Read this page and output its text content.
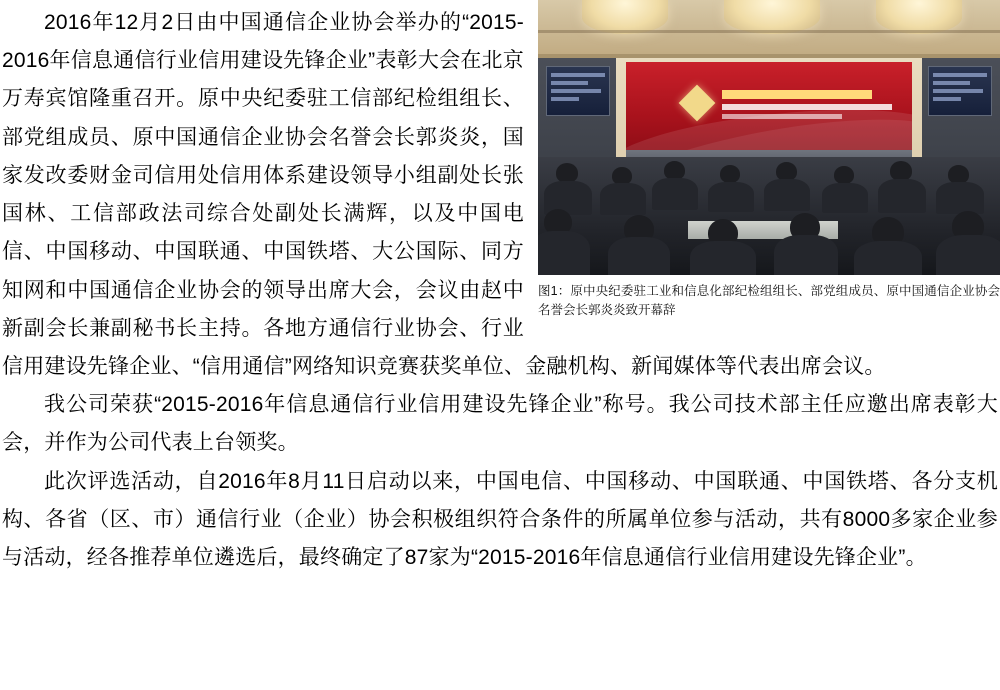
图1：原中央纪委驻工业和信息化部纪检组组长、部党组成员、原中国通信企业协会名誉会长郭炎炎致开幕辞

2016年12月2日由中国通信企业协会举办的“2015-2016年信息通信行业信用建设先锋企业”表彰大会在北京万寿宾馆隆重召开。原中央纪委驻工信部纪检组组长、部党组成员、原中国通信企业协会名誉会长郭炎炎，国家发改委财金司信用处信用体系建设领导小组副处长张国林、工信部政法司综合处副处长满辉，以及中国电信、中国移动、中国联通、中国铁塔、大公国际、同方知网和中国通信企业协会的领导出席大会，会议由赵中新副会长兼副秘书长主持。各地方通信行业协会、行业信用建设先锋企业、“信用通信”网络知识竞赛获奖单位、金融机构、新闻媒体等代表出席会议。

我公司荣获“2015-2016年信息通信行业信用建设先锋企业”称号。我公司技术部主任应邀出席表彰大会，并作为公司代表上台领奖。

此次评选活动，自2016年8月11日启动以来，中国电信、中国移动、中国联通、中国铁塔、各分支机构、各省（区、市）通信行业（企业）协会积极组织符合条件的所属单位参与活动，共有8000多家企业参与活动，经各推荐单位遴选后，最终确定了87家为“2015-2016年信息通信行业信用建设先锋企业”。
